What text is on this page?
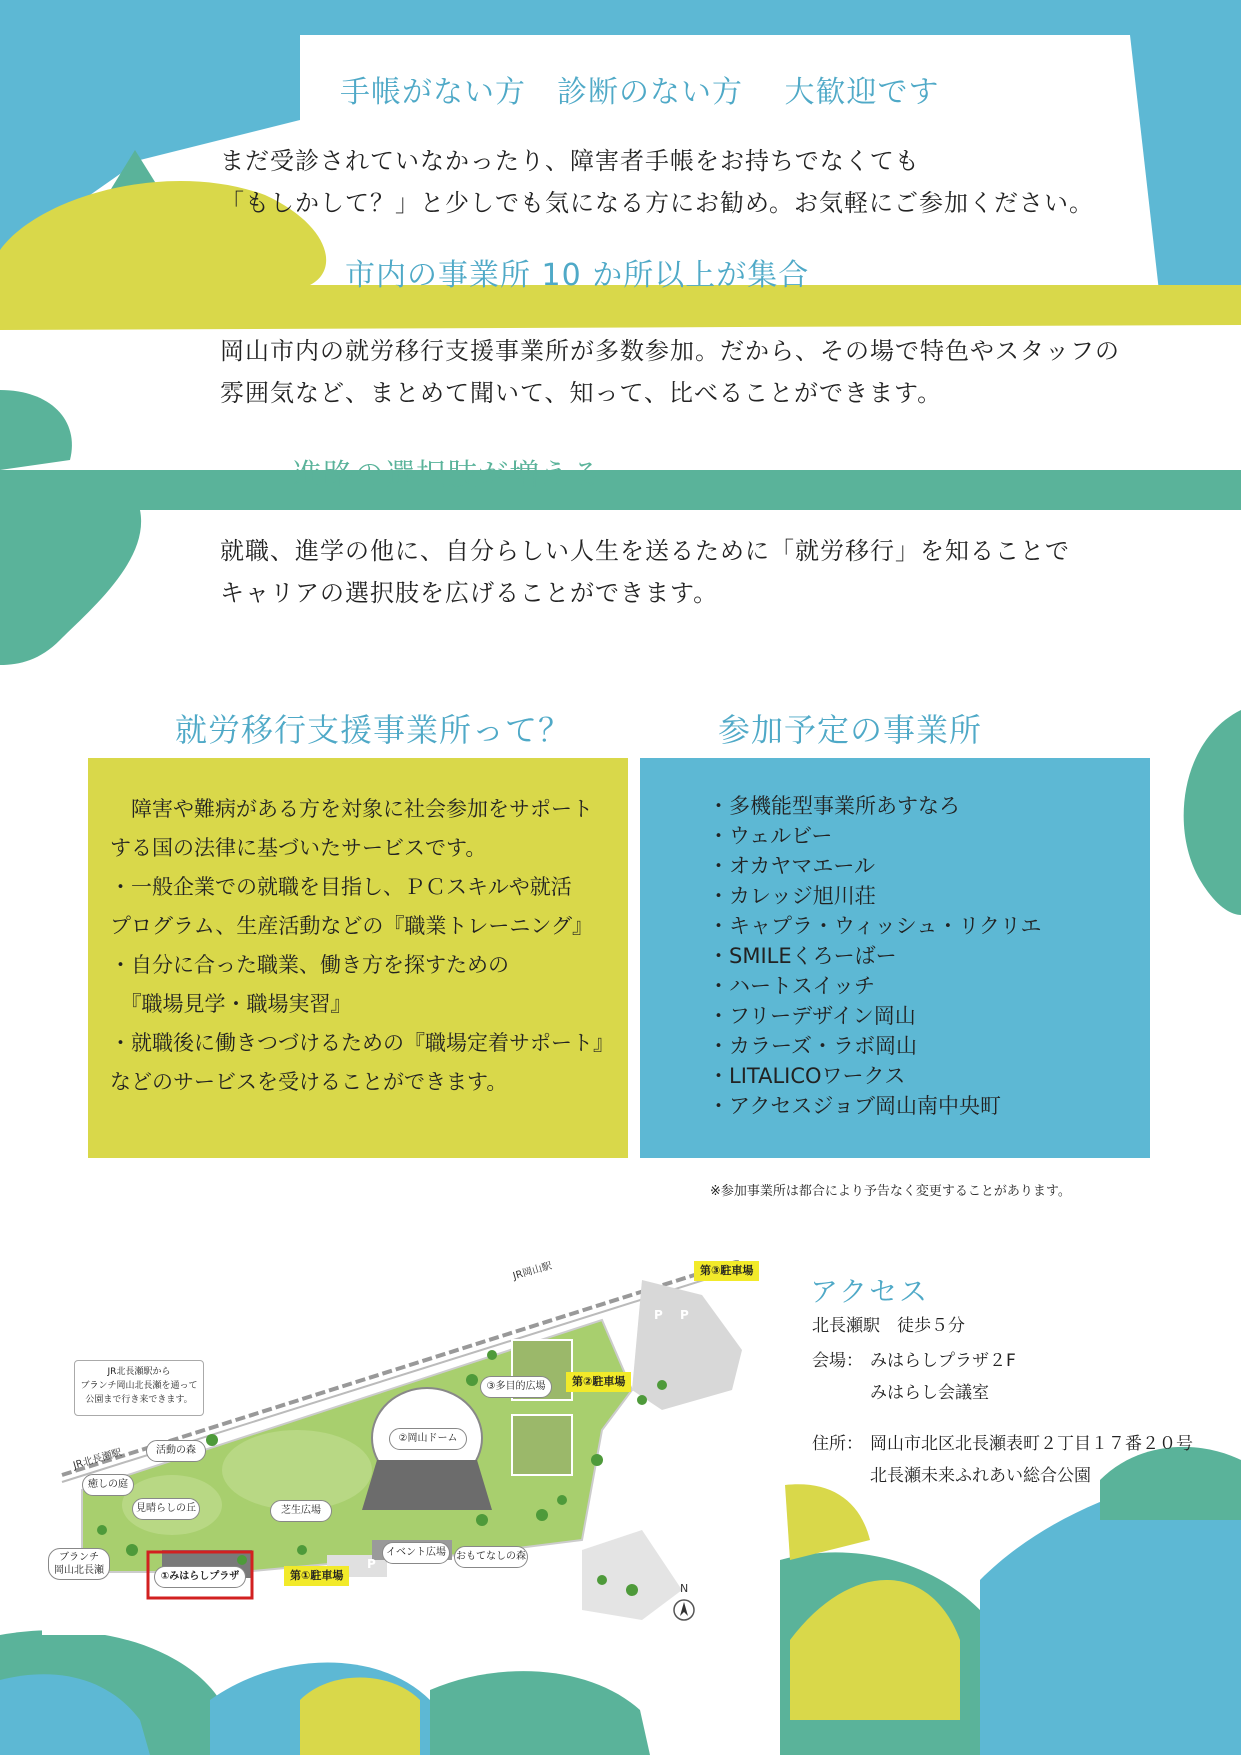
手帳がない方　診断のない方　 大歓迎です
まだ受診されていなかったり、障害者手帳をお持ちでなくても
「もしかして？」と少しでも気になる方にお勧め。お気軽にご参加ください。
市内の事業所 10 か所以上が集合
岡山市内の就労移行支援事業所が多数参加。だから、その場で特色やスタッフの
雰囲気など、まとめて聞いて、知って、比べることができます。
進路の選択肢が増える
就職、進学の他に、自分らしい人生を送るために「就労移行」を知ることで
キャリアの選択肢を広げることができます。
就労移行支援事業所って？	参加予定の事業所
　障害や難病がある方を対象に社会参加をサポート
する国の法律に基づいたサービスです。
・一般企業での就職を目指し、ＰＣスキルや就活
プログラム、生産活動などの『職業トレーニング』
・自分に合った職業、働き方を探すための
　『職場見学・職場実習』
・就職後に働きつづけるための『職場定着サポート』
などのサービスを受けることができます。
・多機能型事業所あすなろ
・ウェルビー
・オカヤマエール
・カレッジ旭川荘
・キャプラ・ウィッシュ・リクリエ
・SMILEくろーばー
・ハートスイッチ
・フリーデザイン岡山
・カラーズ・ラボ岡山
・LITALICOワークス
・アクセスジョブ岡山南中央町
※参加事業所は都合により予告なく変更することがあります。
JR岡山駅
JR北長瀬駅
JR北長瀬駅から
ブランチ岡山北長瀬を通って
公園まで行き来できます。
活動の森
癒しの庭
見晴らしの丘	芝生広場
②岡山ドーム
③多目的広場
イベント広場	おもてなしの森
ブランチ
岡山北長瀬
①みはらしプラザ	第①駐車場
第②駐車場
第③駐車場
P P
P
N
アクセス
北長瀬駅　徒歩５分
会場： みはらしプラザ２F
みはらし会議室
住所： 岡山市北区北長瀬表町２丁目１７番２０号
北長瀬未来ふれあい総合公園
